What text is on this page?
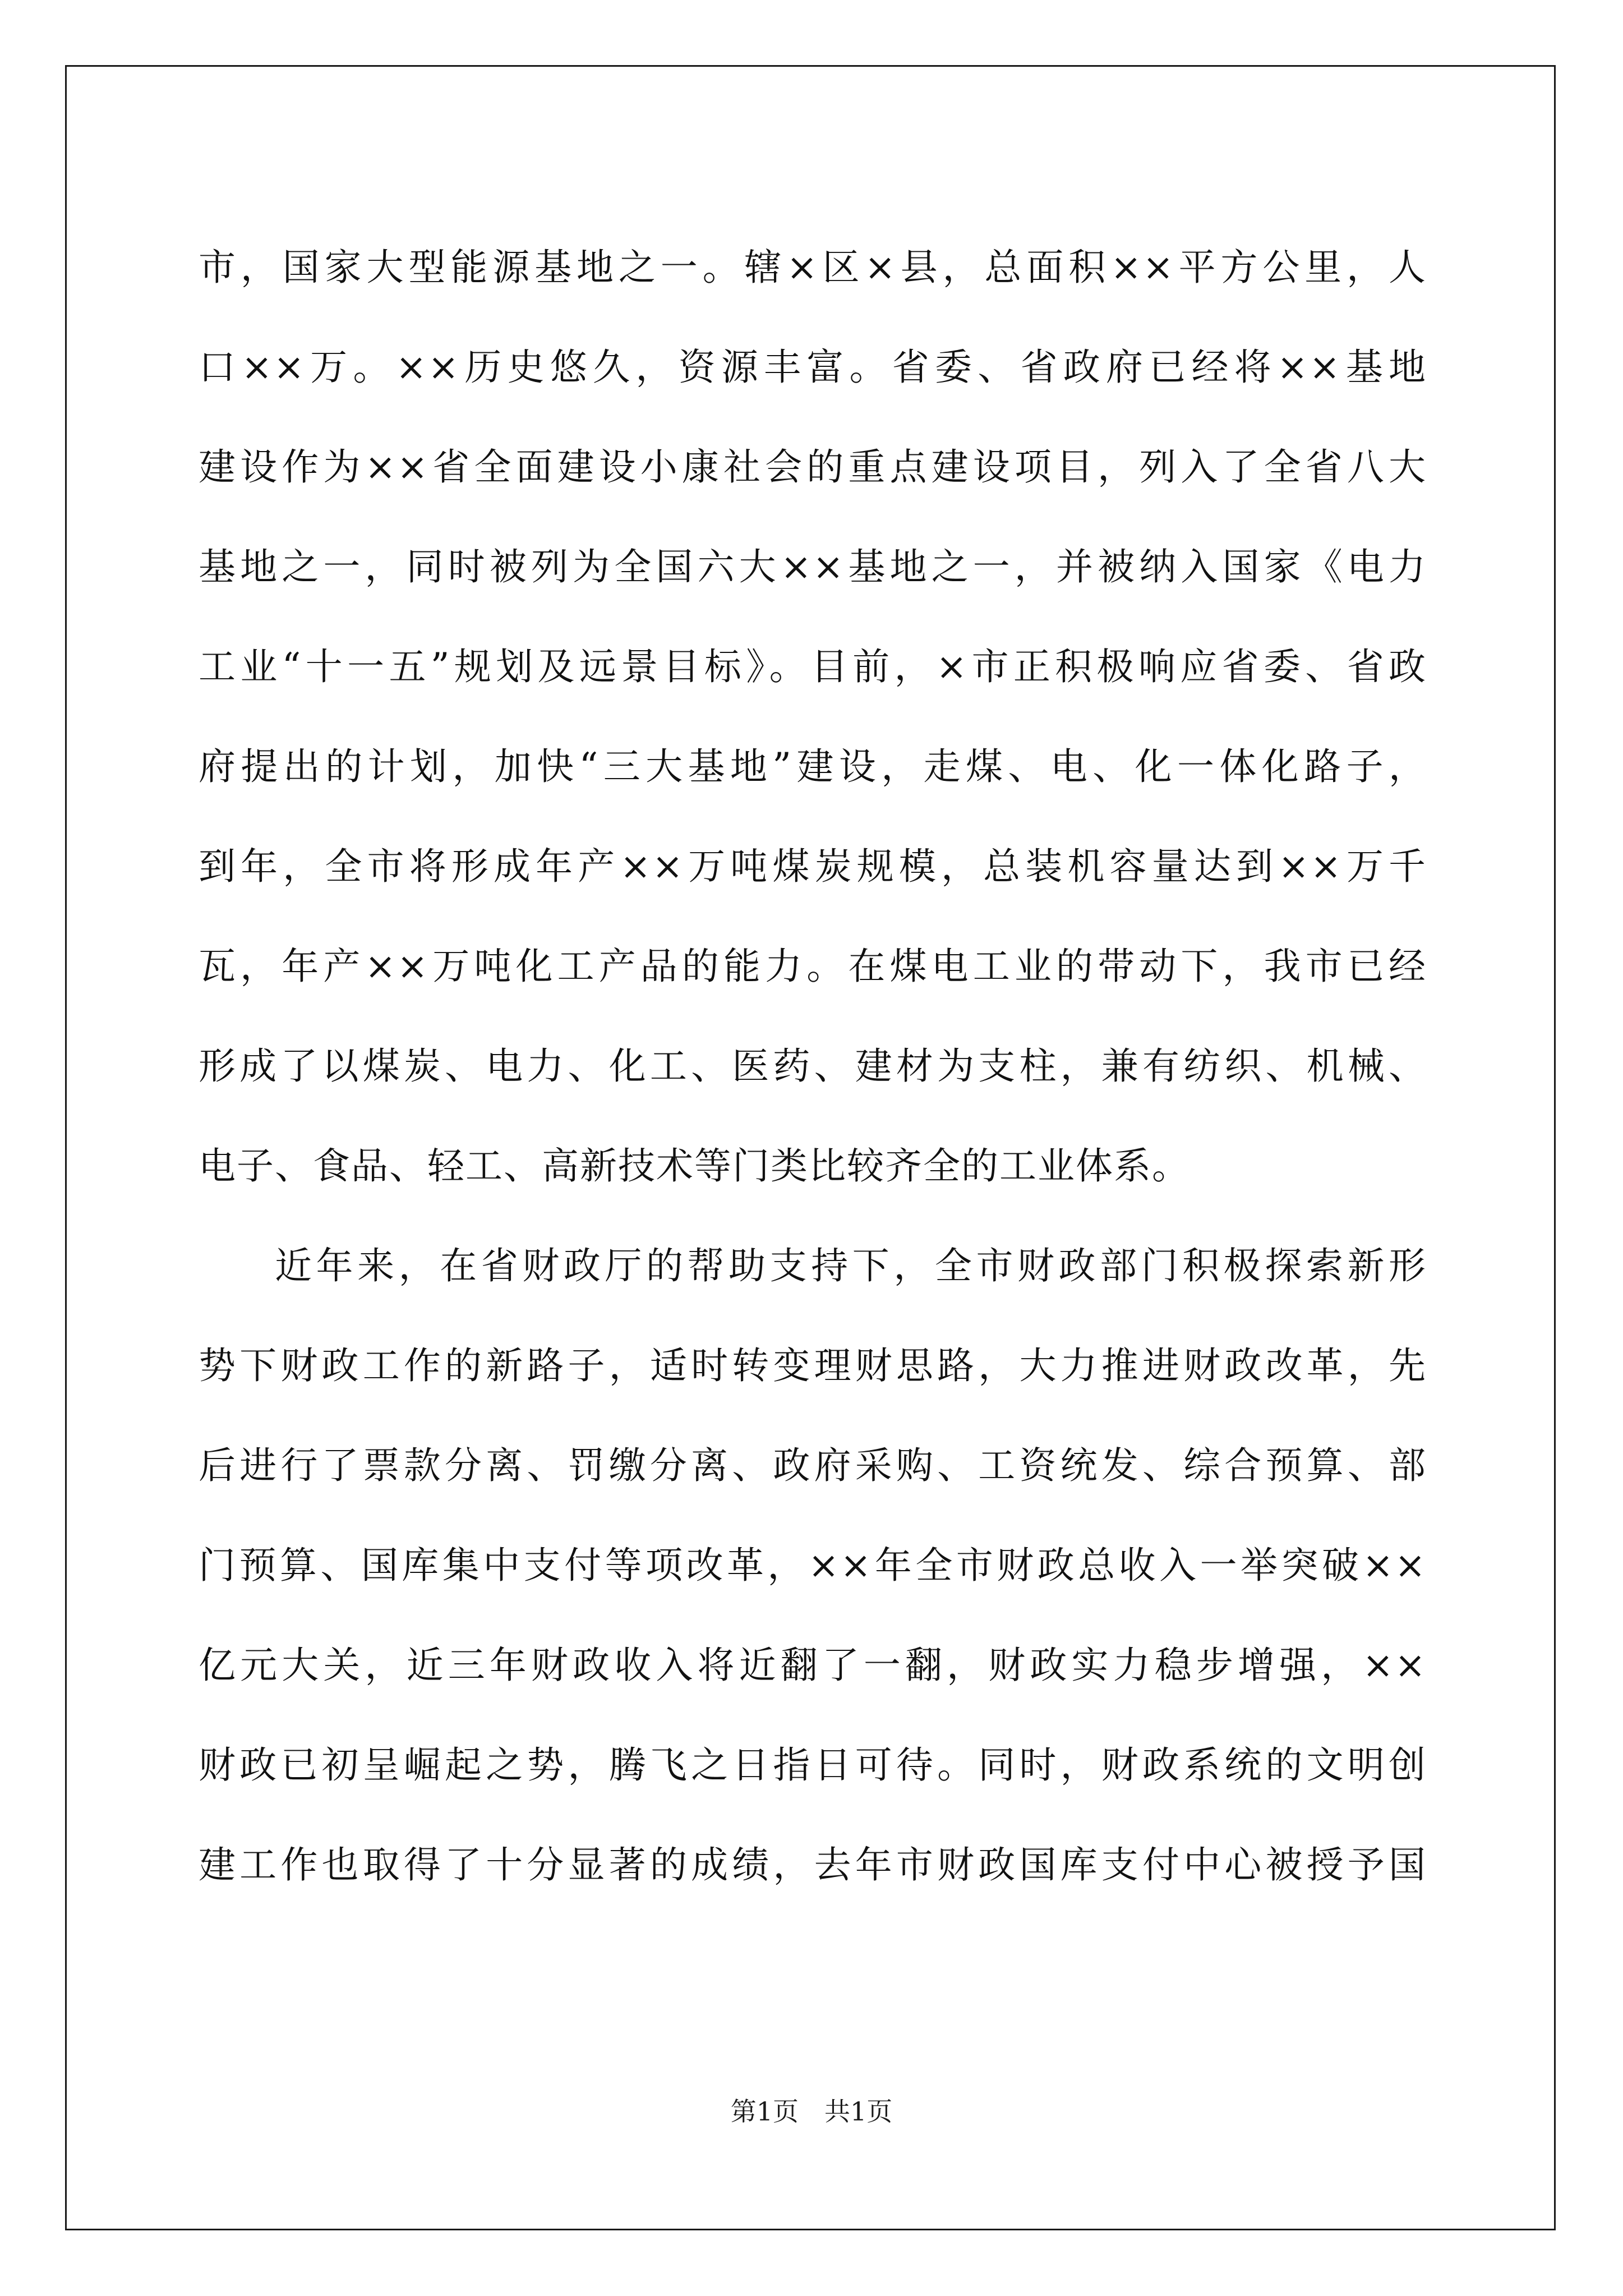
市，国家大型能源基地之一。辖×区×县，总面积××平方公里，人
口××万。××历史悠久，资源丰富。省委、省政府已经将××基地
建设作为××省全面建设小康社会的重点建设项目，列入了全省八大
基地之一，同时被列为全国六大××基地之一，并被纳入国家《电力
工业“十一五”规划及远景目标》。目前，×市正积极响应省委、省政
府提出的计划，加快“三大基地”建设，走煤、电、化一体化路子，
到年，全市将形成年产××万吨煤炭规模，总装机容量达到××万千
瓦，年产××万吨化工产品的能力。在煤电工业的带动下，我市已经
形成了以煤炭、电力、化工、医药、建材为支柱，兼有纺织、机械、
电子、食品、轻工、高新技术等门类比较齐全的工业体系。
近年来，在省财政厅的帮助支持下，全市财政部门积极探索新形
势下财政工作的新路子，适时转变理财思路，大力推进财政改革，先
后进行了票款分离、罚缴分离、政府采购、工资统发、综合预算、部
门预算、国库集中支付等项改革，××年全市财政总收入一举突破××
亿元大关，近三年财政收入将近翻了一翻，财政实力稳步增强，××
财政已初呈崛起之势，腾飞之日指日可待。同时，财政系统的文明创
建工作也取得了十分显著的成绩，去年市财政国库支付中心被授予国
第1页 共1页
